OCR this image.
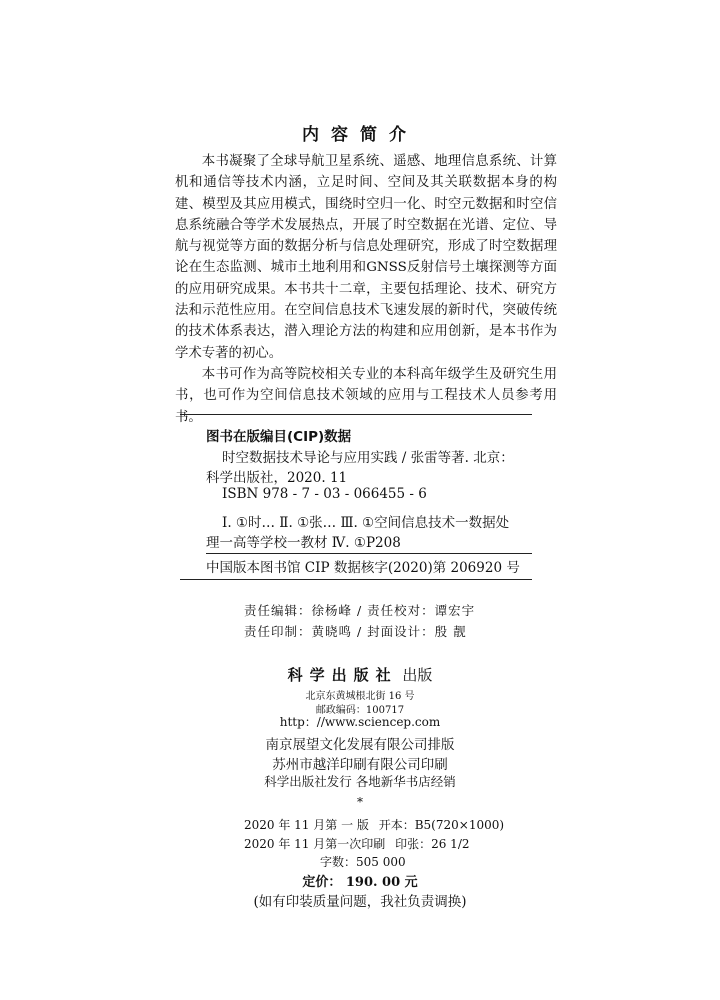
内容简介

本书凝聚了全球导航卫星系统、遥感、地理信息系统、计算机和通信等技术内涵，立足时间、空间及其关联数据本身的构建、模型及其应用模式，围绕时空归一化、时空元数据和时空信息系统融合等学术发展热点，开展了时空数据在光谱、定位、导航与视觉等方面的数据分析与信息处理研究，形成了时空数据理论在生态监测、城市土地利用和GNSS反射信号土壤探测等方面的应用研究成果。本书共十二章，主要包括理论、技术、研究方法和示范性应用。在空间信息技术飞速发展的新时代，突破传统的技术体系表达，潜入理论方法的构建和应用创新，是本书作为学术专著的初心。

本书可作为高等院校相关专业的本科高年级学生及研究生用书，也可作为空间信息技术领域的应用与工程技术人员参考用书。

图书在版编目(CIP)数据
时空数据技术导论与应用实践 / 张雷等著. 北京：
科学出版社，2020. 11
ISBN 978 - 7 - 03 - 066455 - 6
Ⅰ. ①时… Ⅱ. ①张… Ⅲ. ①空间信息技术一数据处
理一高等学校一教材 Ⅳ. ①P208
中国版本图书馆 CIP 数据核字(2020)第 206920 号
责任编辑：徐杨峰 / 责任校对：谭宏宇
责任印制：黄晓鸣 / 封面设计：殷 靓
科学出版社 出版
北京东黄城根北街 16 号
邮政编码：100717
http：//www.sciencep.com
南京展望文化发展有限公司排版
苏州市越洋印刷有限公司印刷
科学出版社发行 各地新华书店经销
*
2020 年 11 月第 一 版 开本：B5(720×1000)
2020 年 11 月第一次印刷 印张：26 1/2
字数：505 000
定价： 190. 00 元
(如有印装质量问题，我社负责调换)
